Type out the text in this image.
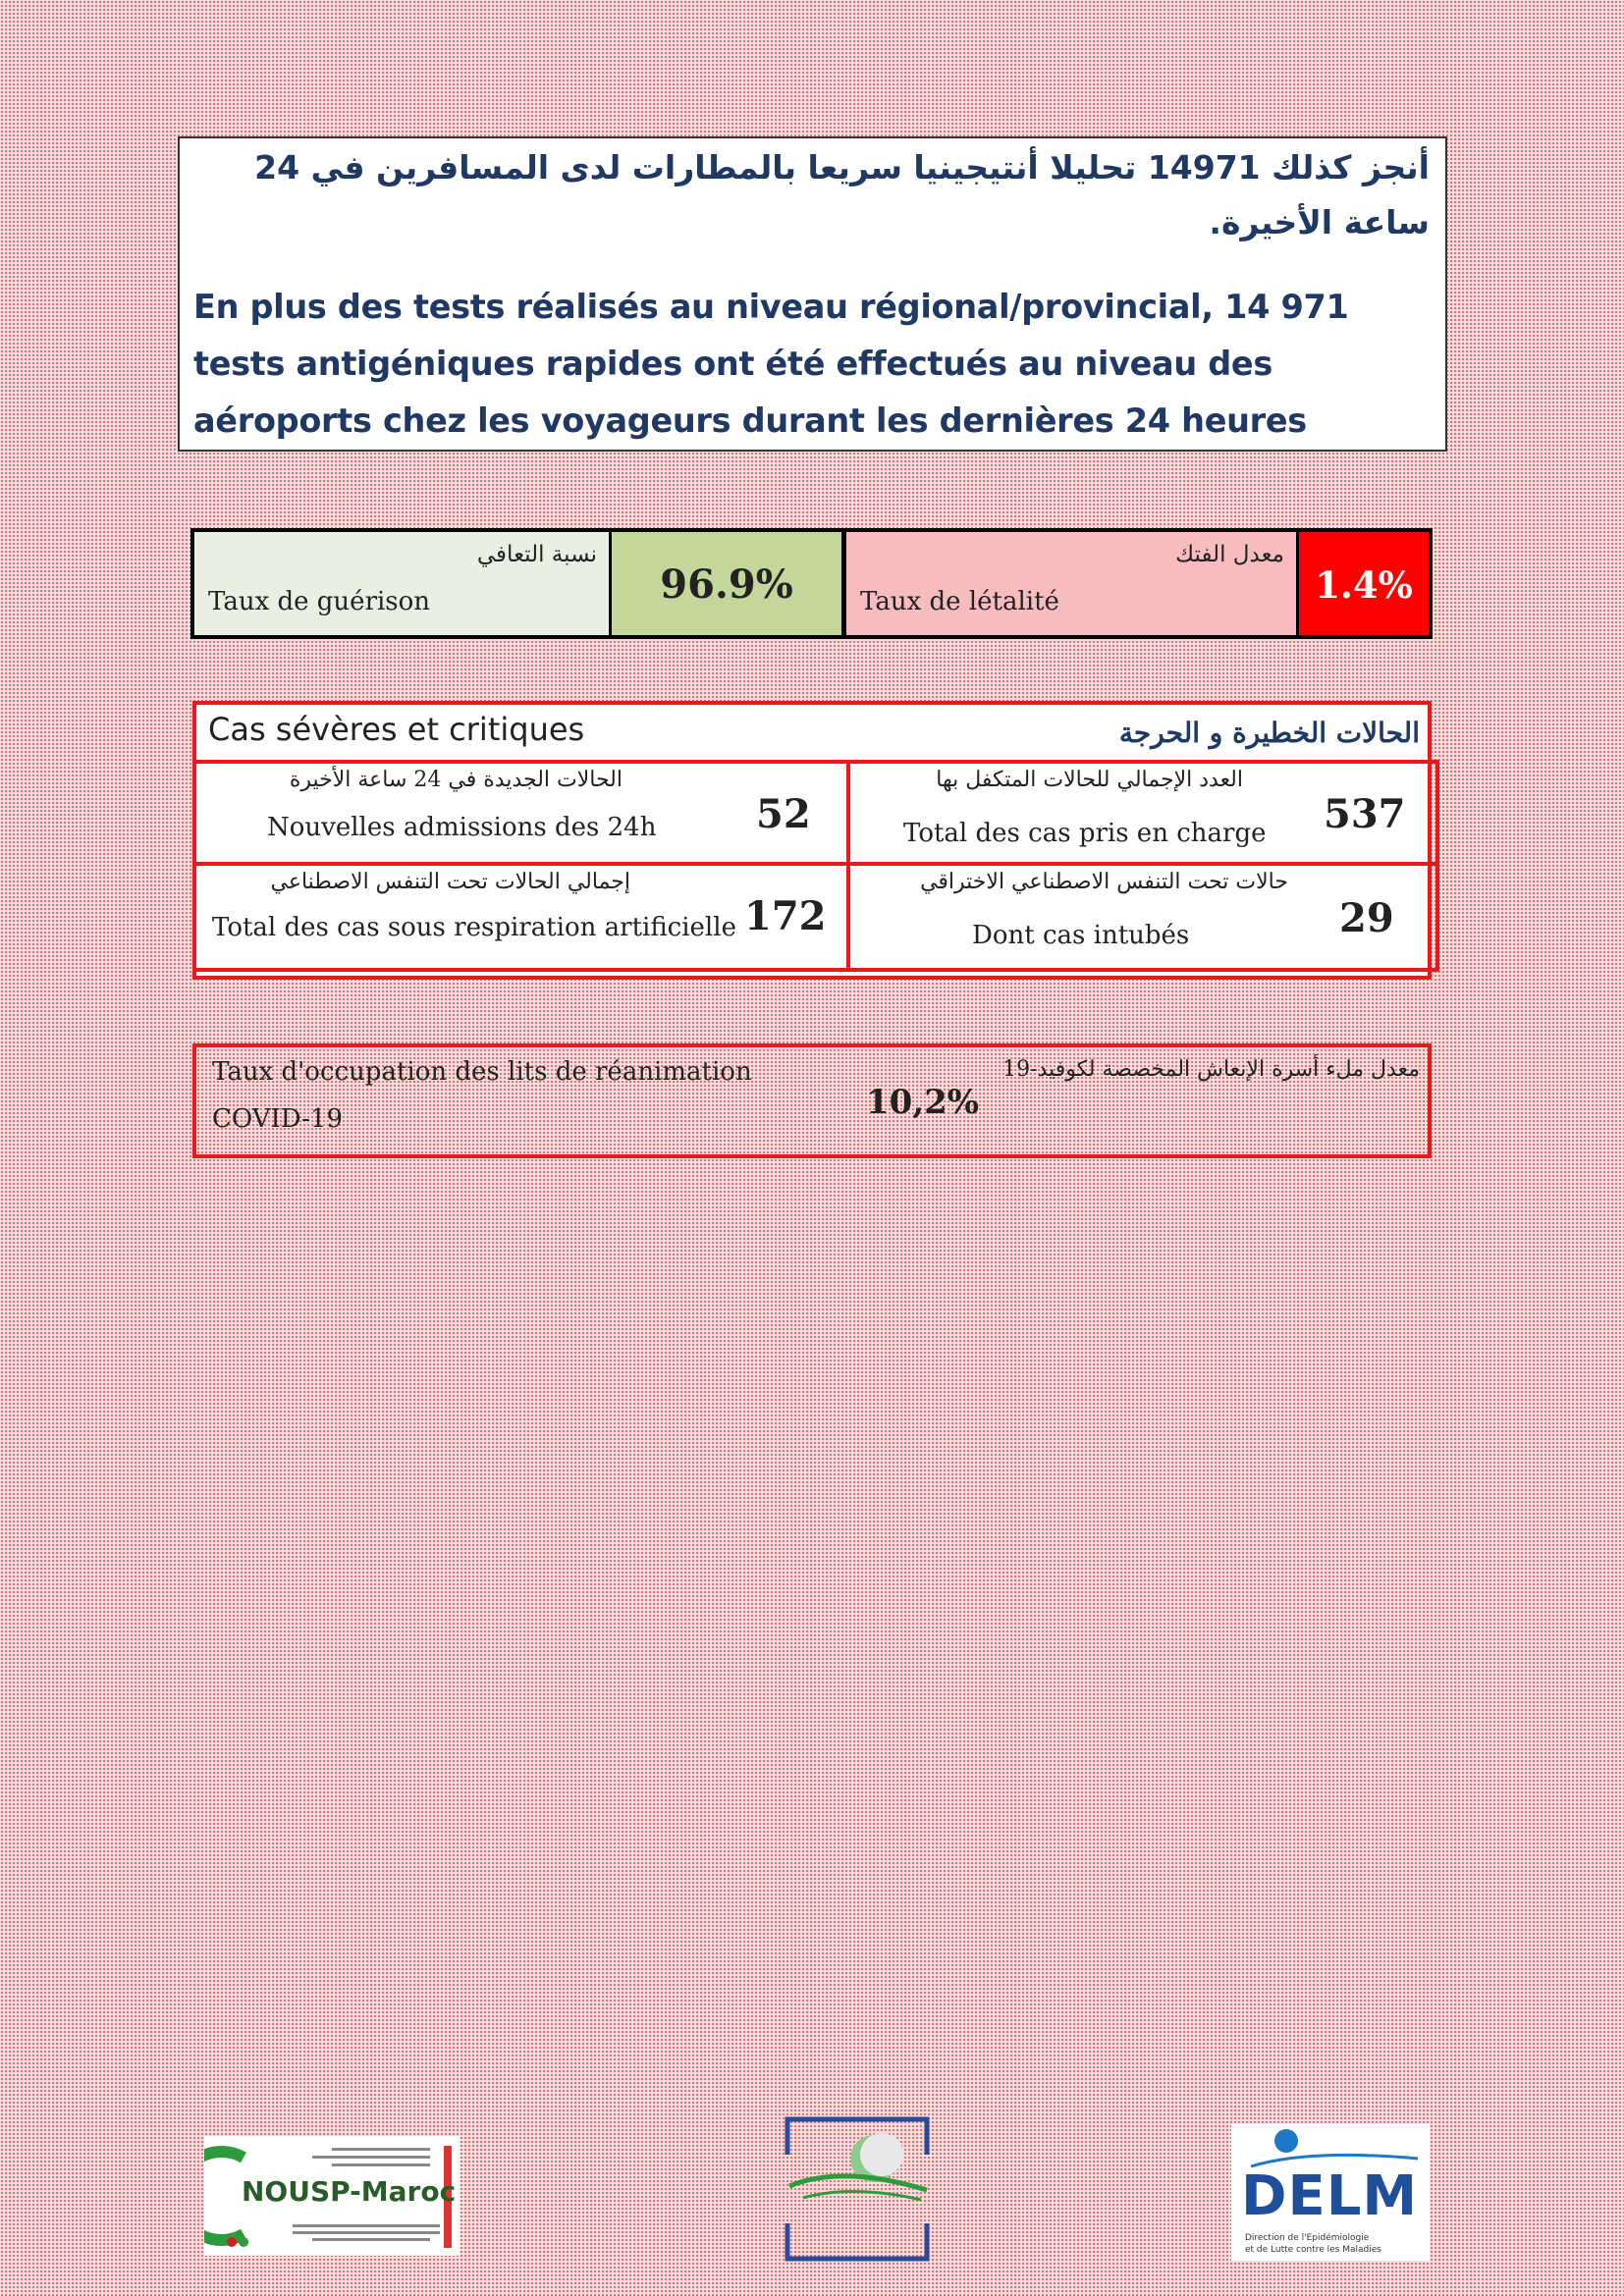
أنجز كذلك 14971 تحليلا أنتيجينيا سريعا بالمطارات لدى المسافرين في 24 ساعة الأخيرة.
En plus des tests réalisés au niveau régional/provincial, 14 971 tests antigéniques rapides ont été effectués au niveau des aéroports chez les voyageurs durant les dernières 24 heures
نسبة التعافي
Taux de guérison	96.9%
معدل الفتك
Taux de létalité	1.4%
Cas sévères et critiques	الحالات الخطيرة و الحرجة
الحالات الجديدة في 24 ساعة الأخيرة
Nouvelles admissions des 24h	52
العدد الإجمالي للحالات المتكفل بها
Total des cas pris en charge 537
إجمالي الحالات تحت التنفس الاصطناعي
Total des cas sous respiration artificielle 172
حالات تحت التنفس الاصطناعي الاختراقي
Dont cas intubés	29
Taux d'occupation des lits de réanimation
COVID-19
معدل ملء أسرة الإنعاش المخصصة لكوفيد-19
10,2%
NOUSP-Maroc	DELM
Direction de l'Epidémiologie
et de Lutte contre les Maladies
